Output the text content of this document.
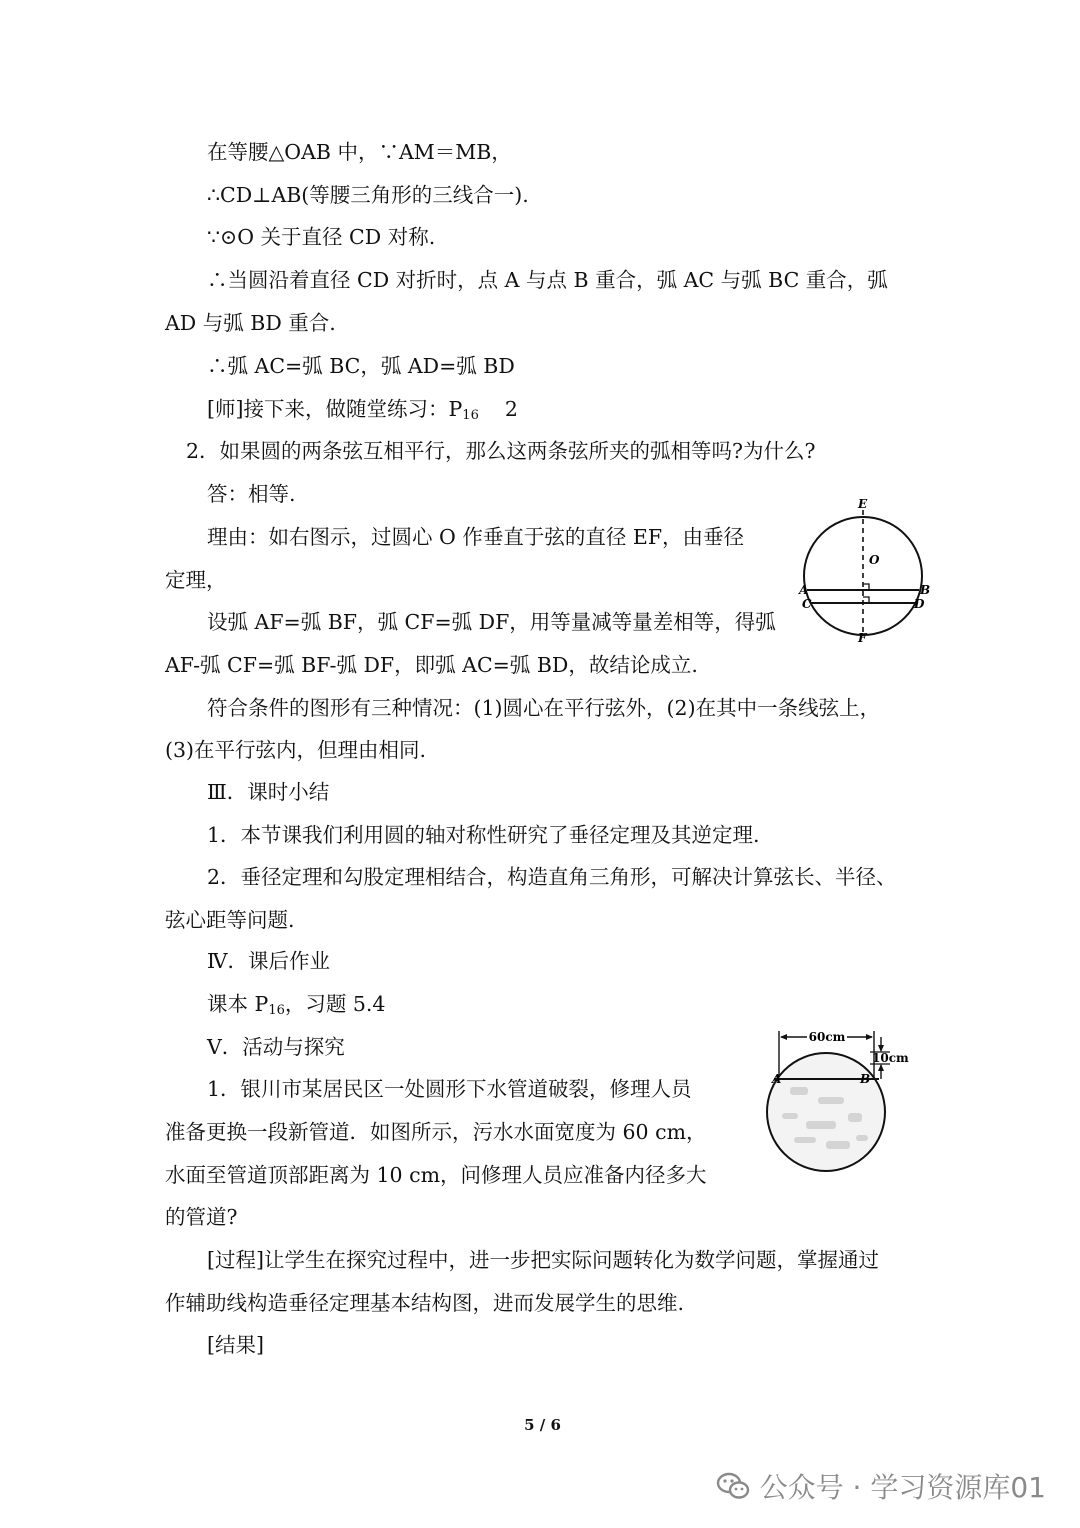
在等腰△OAB 中，∵AM＝MB，
∴CD⊥AB(等腰三角形的三线合一).
∵⊙O 关于直径 CD 对称.
∴当圆沿着直径 CD 对折时，点 A 与点 B 重合，弧 AC 与弧 BC 重合，弧
AD 与弧 BD 重合.
∴弧 AC=弧 BC，弧 AD=弧 BD
[师]接下来，做随堂练习：$P_{16}$    2
2．如果圆的两条弦互相平行，那么这两条弦所夹的弧相等吗?为什么?
答：相等.
理由：如右图示，过圆心 O 作垂直于弦的直径 EF，由垂径
定理，
设弧 AF=弧 BF，弧 CF=弧 DF，用等量减等量差相等，得弧
AF-弧 CF=弧 BF-弧 DF，即弧 AC=弧 BD，故结论成立.
符合条件的图形有三种情况：(1)圆心在平行弦外，(2)在其中一条线弦上，
(3)在平行弦内，但理由相同.
Ⅲ．课时小结
1．本节课我们利用圆的轴对称性研究了垂径定理及其逆定理.
2．垂径定理和勾股定理相结合，构造直角三角形，可解决计算弦长、半径、
弦心距等问题.
Ⅳ．课后作业
课本 $P_{16}$，习题 5.4
Ⅴ．活动与探究
1．银川市某居民区一处圆形下水管道破裂，修理人员
准备更换一段新管道．如图所示，污水水面宽度为 60 cm，
水面至管道顶部距离为 10 cm，问修理人员应准备内径多大
的管道?
[过程]让学生在探究过程中，进一步把实际问题转化为数学问题，掌握通过
作辅助线构造垂径定理基本结构图，进而发展学生的思维.
[结果]
E
O
A	B
C	D
F
60cm
10cm
A	B
5 / 6
公众号 · 学习资源库01
